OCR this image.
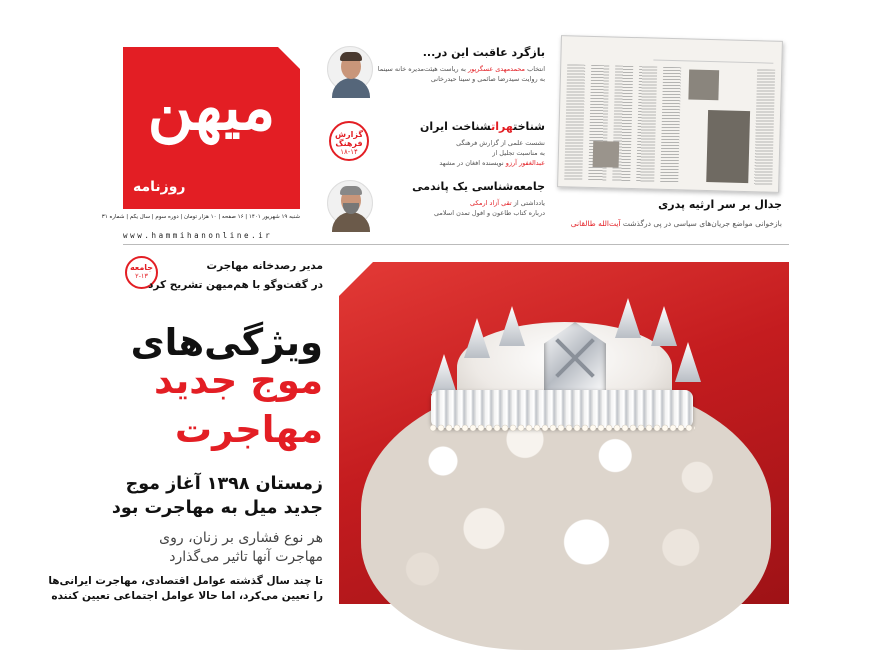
میهن
روزنامه
شنبه ۱۹ شهریور ۱۴۰۱ | ۱۶ صفحه | ۱۰ هزار تومان | دوره سوم | سال یکم | شماره ۳۱
www.hammihanonline.ir
بازگرد عاقبت این در...
انتخاب محمدمهدی عسگرپور به ریاست هیئت‌مدیره خانه سینما
به روایت سیدرضا صائمی و سینا حیدرخانی
گزارش فرهنگ
۱۸-۱۴
شناختهراتشناخت ایران
نشست علمی از گزارش فرهنگی
به مناسبت تجلیل از
عبدالغفور آرزو نویسنده افغان در مشهد
جامعه‌شناسی یک پاندمی
یادداشتی از تقی آزاد ارمکی
درباره کتاب طاعون و افول تمدن اسلامی
جدال بر سر ارثیه پدری
بازخوانی مواضع جریان‌های سیاسی در پی درگذشت آیت‌الله طالقانی
جامعه
۲-۱۳
مدیر رصدخانه مهاجرت
در گفت‌وگو با هم‌میهن تشریح کرد
ویژگی‌های
موج جدید
مهاجرت
زمستان ۱۳۹۸ آغاز موج
جدید میل به مهاجرت بود
هر نوع فشاری بر زنان، روی
مهاجرت آنها تاثیر می‌گذارد
تا چند سال گذشته عوامل اقتصادی، مهاجرت ایرانی‌ها
را تعیین می‌کرد، اما حالا عوامل اجتماعی تعیین کننده
